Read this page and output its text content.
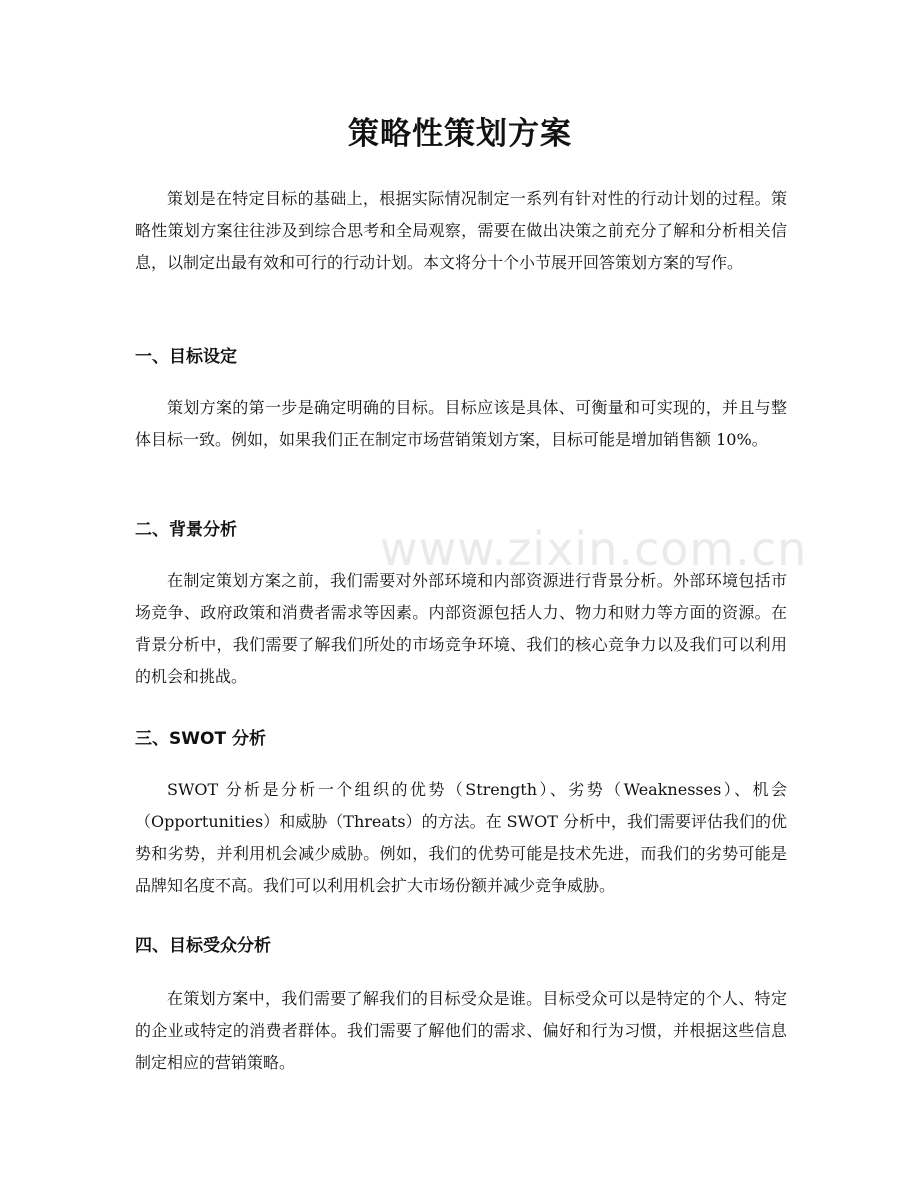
www.zixin.com.cn
策略性策划方案

策划是在特定目标的基础上，根据实际情况制定一系列有针对性的行动计划的过程。策略性策划方案往往涉及到综合思考和全局观察，需要在做出决策之前充分了解和分析相关信息，以制定出最有效和可行的行动计划。本文将分十个小节展开回答策划方案的写作。

一、目标设定

策划方案的第一步是确定明确的目标。目标应该是具体、可衡量和可实现的，并且与整体目标一致。例如，如果我们正在制定市场营销策划方案，目标可能是增加销售额 10%。

二、背景分析

在制定策划方案之前，我们需要对外部环境和内部资源进行背景分析。外部环境包括市场竞争、政府政策和消费者需求等因素。内部资源包括人力、物力和财力等方面的资源。在背景分析中，我们需要了解我们所处的市场竞争环境、我们的核心竞争力以及我们可以利用的机会和挑战。

三、SWOT 分析

SWOT 分析是分析一个组织的优势（Strength）、劣势（Weaknesses）、机会（Opportunities）和威胁（Threats）的方法。在 SWOT 分析中，我们需要评估我们的优势和劣势，并利用机会减少威胁。例如，我们的优势可能是技术先进，而我们的劣势可能是品牌知名度不高。我们可以利用机会扩大市场份额并减少竞争威胁。

四、目标受众分析

在策划方案中，我们需要了解我们的目标受众是谁。目标受众可以是特定的个人、特定的企业或特定的消费者群体。我们需要了解他们的需求、偏好和行为习惯，并根据这些信息制定相应的营销策略。
